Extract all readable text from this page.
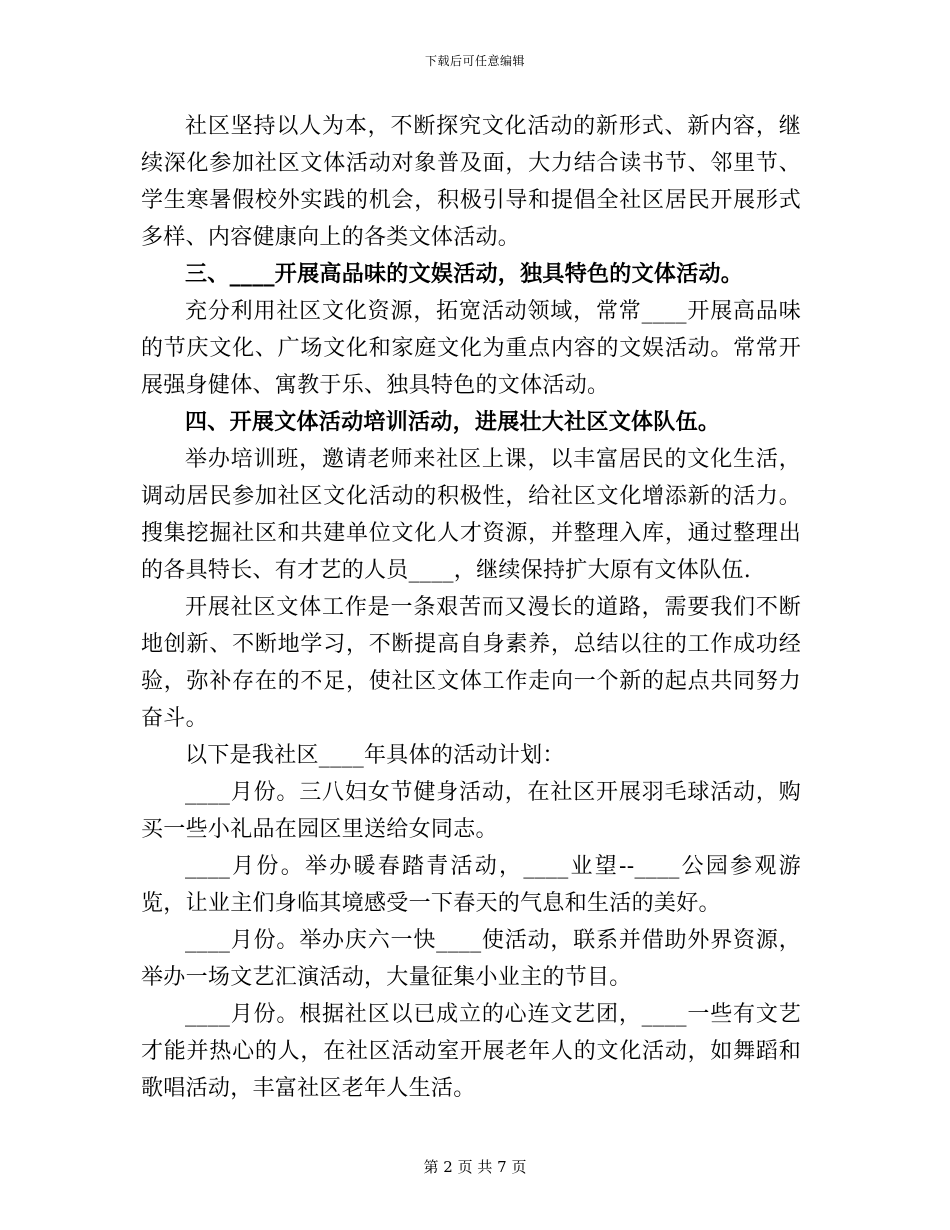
下载后可任意编辑

社区坚持以人为本，不断探究文化活动的新形式、新内容，继续深化参加社区文体活动对象普及面，大力结合读书节、邻里节、学生寒暑假校外实践的机会，积极引导和提倡全社区居民开展形式多样、内容健康向上的各类文体活动。

三、____开展高品味的文娱活动，独具特色的文体活动。

充分利用社区文化资源，拓宽活动领域，常常____开展高品味的节庆文化、广场文化和家庭文化为重点内容的文娱活动。常常开展强身健体、寓教于乐、独具特色的文体活动。

四、开展文体活动培训活动，进展壮大社区文体队伍。

举办培训班，邀请老师来社区上课，以丰富居民的文化生活，调动居民参加社区文化活动的积极性，给社区文化增添新的活力。搜集挖掘社区和共建单位文化人才资源，并整理入库，通过整理出的各具特长、有才艺的人员____，继续保持扩大原有文体队伍.

开展社区文体工作是一条艰苦而又漫长的道路，需要我们不断地创新、不断地学习，不断提高自身素养，总结以往的工作成功经验，弥补存在的不足，使社区文体工作走向一个新的起点共同努力奋斗。

以下是我社区____年具体的活动计划：

____月份。三八妇女节健身活动，在社区开展羽毛球活动，购买一些小礼品在园区里送给女同志。

____月份。举办暖春踏青活动，____业望--____公园参观游览，让业主们身临其境感受一下春天的气息和生活的美好。

____月份。举办庆六一快____使活动，联系并借助外界资源，举办一场文艺汇演活动，大量征集小业主的节目。

____月份。根据社区以已成立的心连文艺团，____一些有文艺才能并热心的人，在社区活动室开展老年人的文化活动，如舞蹈和歌唱活动，丰富社区老年人生活。

第 2 页 共 7 页
